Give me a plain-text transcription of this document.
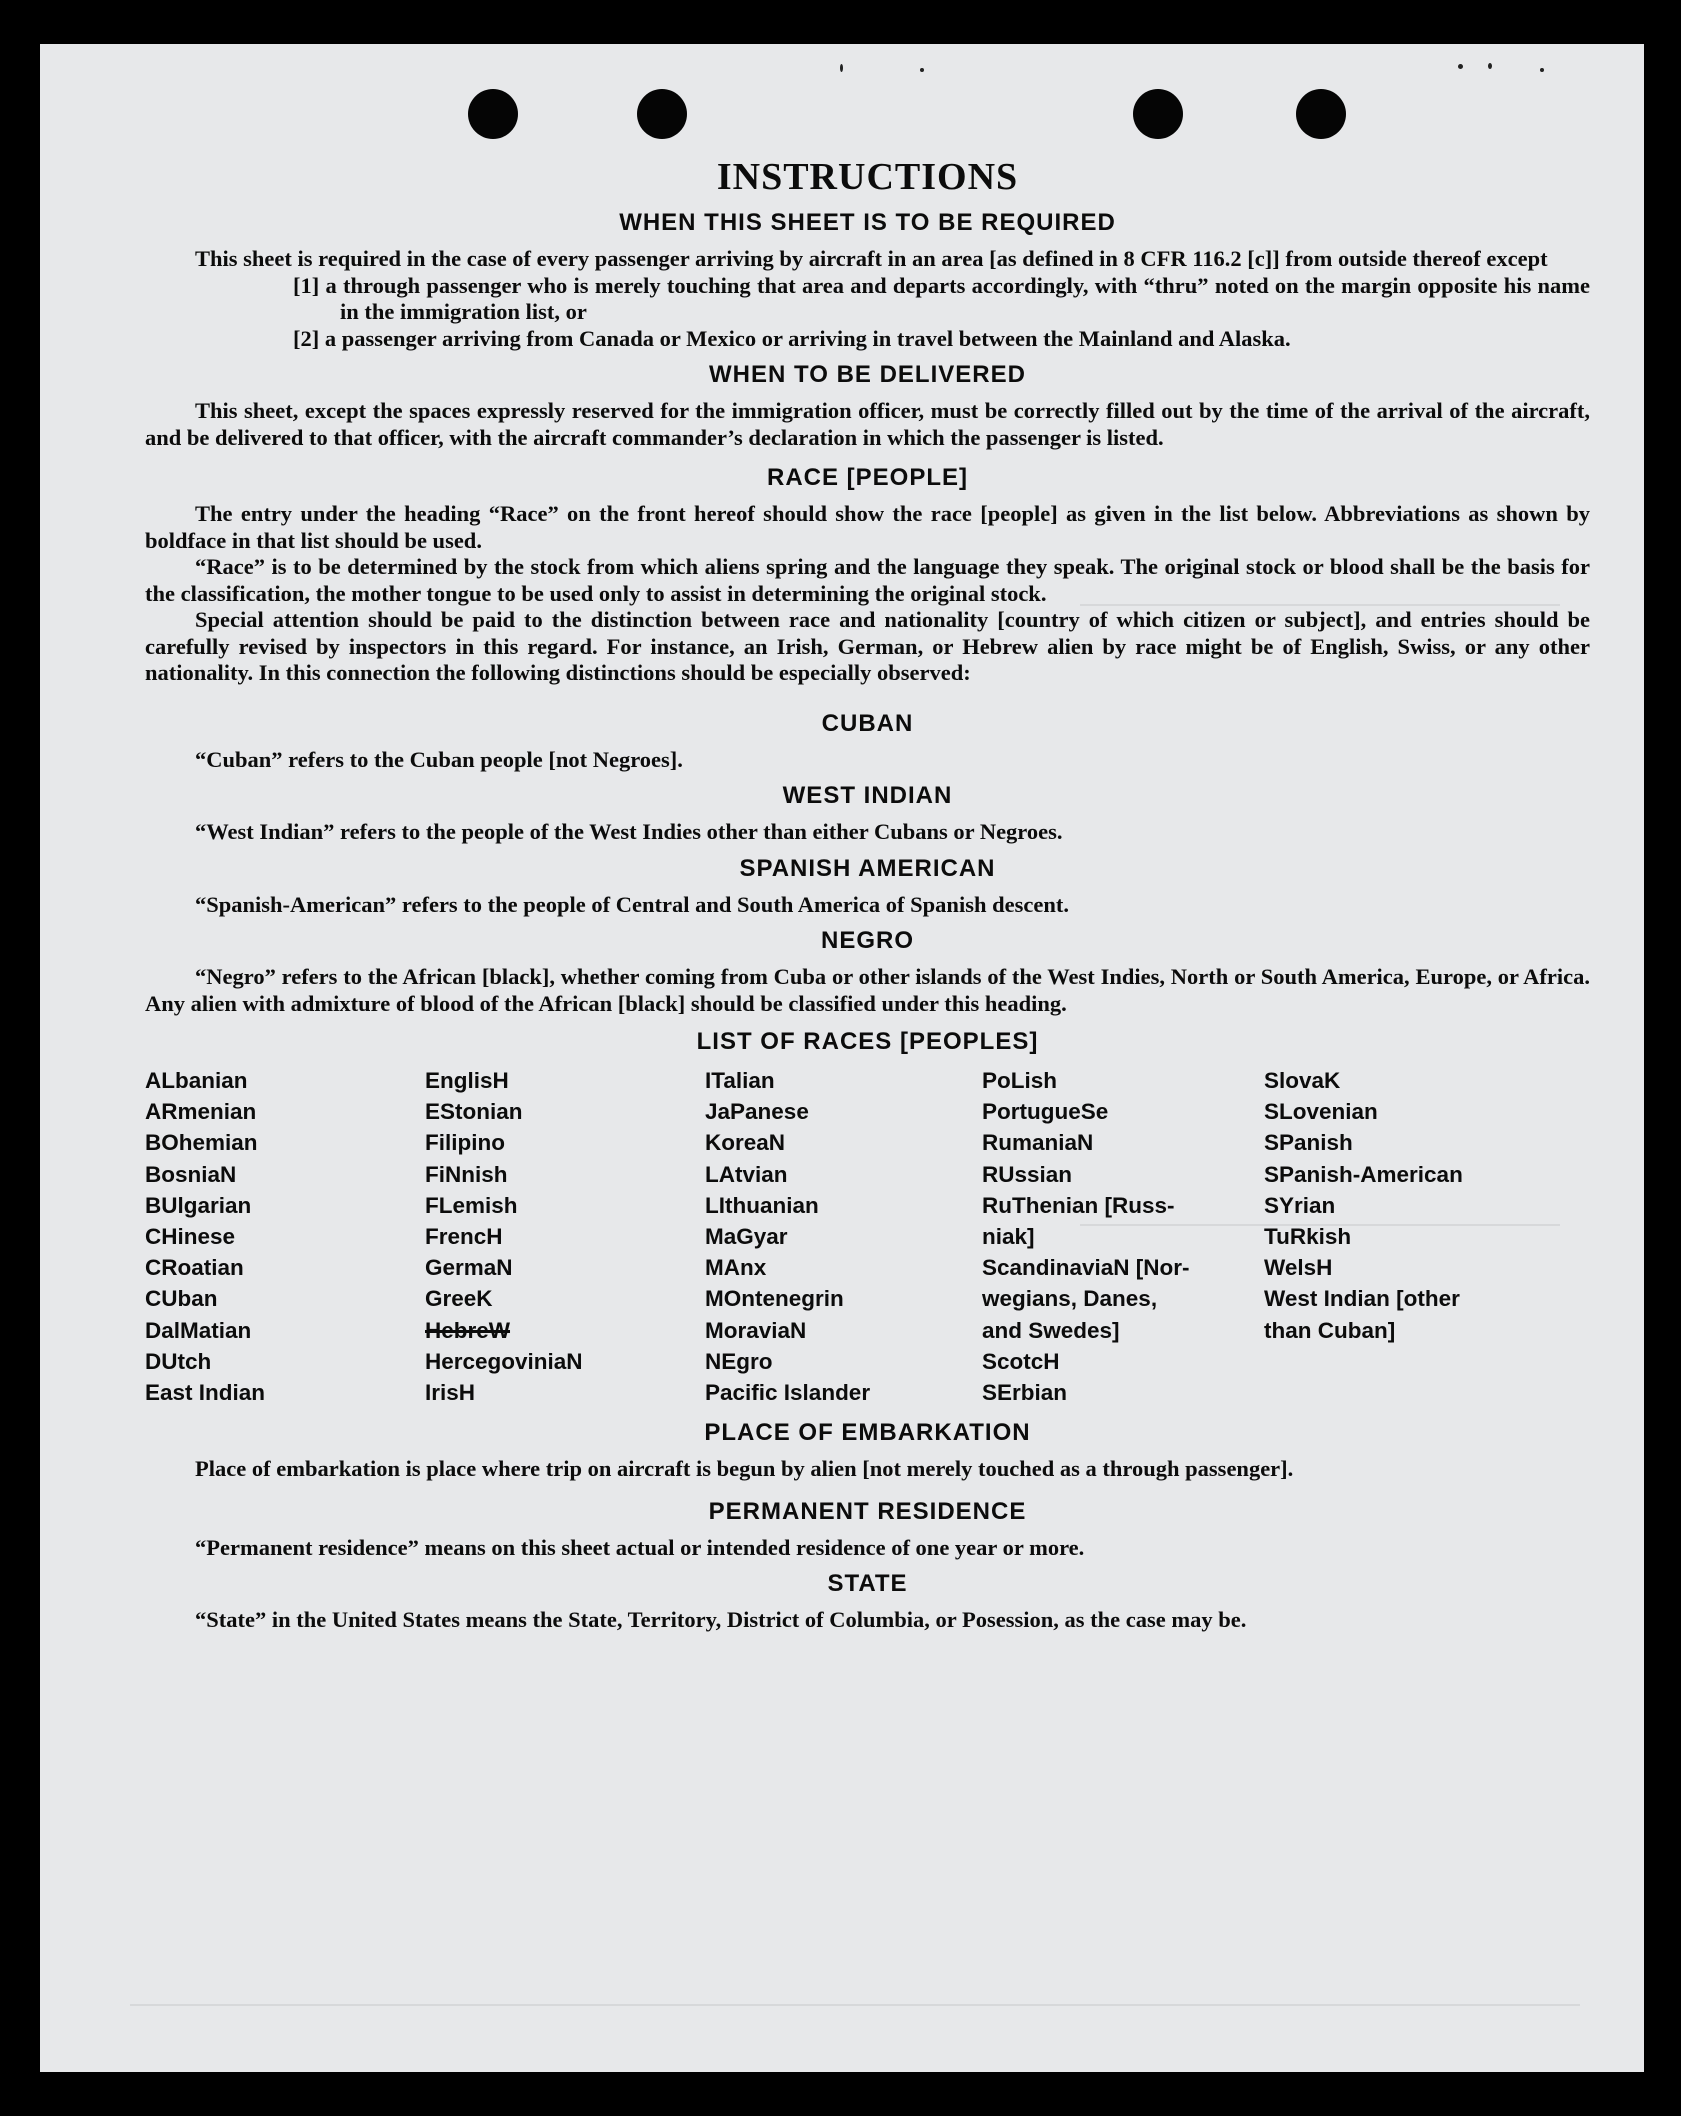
INSTRUCTIONS
WHEN THIS SHEET IS TO BE REQUIRED

This sheet is required in the case of every passenger arriving by aircraft in an area [as defined in 8 CFR 116.2 [c]] from outside thereof except

[1] a through passenger who is merely touching that area and departs accordingly, with “thru” noted on the margin opposite his name in the immigration list, or

[2] a passenger arriving from Canada or Mexico or arriving in travel between the Mainland and Alaska.

WHEN TO BE DELIVERED

This sheet, except the spaces expressly reserved for the immigration officer, must be correctly filled out by the time of the arrival of the aircraft, and be delivered to that officer, with the aircraft commander’s declaration in which the passenger is listed.

RACE [PEOPLE]

The entry under the heading “Race” on the front hereof should show the race [people] as given in the list below. Abbreviations as shown by boldface in that list should be used.

“Race” is to be determined by the stock from which aliens spring and the language they speak. The original stock or blood shall be the basis for the classification, the mother tongue to be used only to assist in determining the original stock.

Special attention should be paid to the distinction between race and nationality [country of which citizen or subject], and entries should be carefully revised by inspectors in this regard. For instance, an Irish, German, or Hebrew alien by race might be of English, Swiss, or any other nationality. In this connection the following distinctions should be especially observed:

CUBAN

“Cuban” refers to the Cuban people [not Negroes].

WEST INDIAN

“West Indian” refers to the people of the West Indies other than either Cubans or Negroes.

SPANISH AMERICAN

“Spanish-American” refers to the people of Central and South America of Spanish descent.

NEGRO

“Negro” refers to the African [black], whether coming from Cuba or other islands of the West Indies, North or South America, Europe, or Africa. Any alien with admixture of blood of the African [black] should be classified under this heading.

LIST OF RACES [PEOPLES]
ALbanian
ARmenian
BOhemian
BosniaN
BUlgarian
CHinese
CRoatian
CUban
DalMatian
DUtch
East Indian
EnglisH
EStonian
Filipino
FiNnish
FLemish
FrencH
GermaN
GreeK
HebreW
HercegoviniaN
IrisH
ITalian
JaPanese
KoreaN
LAtvian
LIthuanian
MaGyar
MAnx
MOntenegrin
MoraviaN
NEgro
Pacific Islander
PoLish
PortugueSe
RumaniaN
RUssian
RuThenian [Russ-
niak]
ScandinaviaN [Nor-
wegians, Danes,
and Swedes]
ScotcH
SErbian
SlovaK
SLovenian
SPanish
SPanish-American
SYrian
TuRkish
WelsH
West Indian [other
than Cuban]
PLACE OF EMBARKATION

Place of embarkation is place where trip on aircraft is begun by alien [not merely touched as a through passenger].

PERMANENT RESIDENCE

“Permanent residence” means on this sheet actual or intended residence of one year or more.

STATE

“State” in the United States means the State, Territory, District of Columbia, or Posession, as the case may be.
